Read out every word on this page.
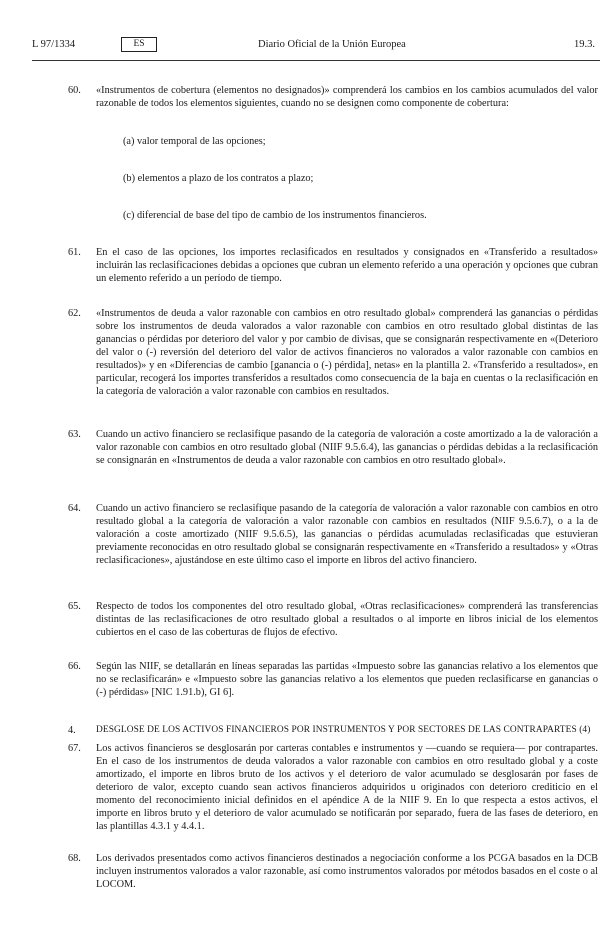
L 97/1334	ES	Diario Oficial de la Unión Europea	19.3.
60. «Instrumentos de cobertura (elementos no designados)» comprenderá los cambios en los cambios acumulados del valor razonable de todos los elementos siguientes, cuando no se designen como componente de cobertura:
(a) valor temporal de las opciones;
(b) elementos a plazo de los contratos a plazo;
(c) diferencial de base del tipo de cambio de los instrumentos financieros.
61. En el caso de las opciones, los importes reclasificados en resultados y consignados en «Transferido a resultados» incluirán las reclasificaciones debidas a opciones que cubran un elemento referido a una operación y opciones que cubran un elemento referido a un período de tiempo.
62. «Instrumentos de deuda a valor razonable con cambios en otro resultado global» comprenderá las ganancias o pérdidas sobre los instrumentos de deuda valorados a valor razonable con cambios en otro resultado global distintas de las ganancias o pérdidas por deterioro del valor y por cambio de divisas, que se consignarán respectivamente en «(Deterioro del valor o (-) reversión del deterioro del valor de activos financieros no valorados a valor razonable con cambios en resultados)» y en «Diferencias de cambio [ganancia o (-) pérdida], netas» en la plantilla 2. «Transferido a resultados», en particular, recogerá los importes transferidos a resultados como consecuencia de la baja en cuentas o la reclasificación en la categoría de valoración a valor razonable con cambios en resultados.
63. Cuando un activo financiero se reclasifique pasando de la categoría de valoración a coste amortizado a la de valoración a valor razonable con cambios en otro resultado global (NIIF 9.5.6.4), las ganancias o pérdidas debidas a la reclasificación se consignarán en «Instrumentos de deuda a valor razonable con cambios en otro resultado global».
64. Cuando un activo financiero se reclasifique pasando de la categoría de valoración a valor razonable con cambios en otro resultado global a la categoría de valoración a valor razonable con cambios en resultados (NIIF 9.5.6.7), o a la de valoración a coste amortizado (NIIF 9.5.6.5), las ganancias o pérdidas acumuladas reclasificadas que estuvieran previamente reconocidas en otro resultado global se consignarán respectivamente en «Transferido a resultados» y «Otras reclasificaciones», ajustándose en este último caso el importe en libros del activo financiero.
65. Respecto de todos los componentes del otro resultado global, «Otras reclasificaciones» comprenderá las transferencias distintas de las reclasificaciones de otro resultado global a resultados o al importe en libros inicial de los elementos cubiertos en el caso de las coberturas de flujos de efectivo.
66. Según las NIIF, se detallarán en líneas separadas las partidas «Impuesto sobre las ganancias relativo a los elementos que no se reclasificarán» e «Impuesto sobre las ganancias relativo a los elementos que pueden reclasificarse en ganancias o (-) pérdidas» [NIC 1.91.b), GI 6].
4. DESGLOSE DE LOS ACTIVOS FINANCIEROS POR INSTRUMENTOS Y POR SECTORES DE LAS CONTRAPARTES (4)
67. Los activos financieros se desglosarán por carteras contables e instrumentos y —cuando se requiera— por contrapartes. En el caso de los instrumentos de deuda valorados a valor razonable con cambios en otro resultado global y a coste amortizado, el importe en libros bruto de los activos y el deterioro de valor acumulado se desglosarán por fases de deterioro de valor, excepto cuando sean activos financieros adquiridos u originados con deterioro crediticio en el momento del reconocimiento inicial definidos en el apéndice A de la NIIF 9. En lo que respecta a estos activos, el importe en libros bruto y el deterioro de valor acumulado se notificarán por separado, fuera de las fases de deterioro, en las plantillas 4.3.1 y 4.4.1.
68. Los derivados presentados como activos financieros destinados a negociación conforme a los PCGA basados en la DCB incluyen instrumentos valorados a valor razonable, así como instrumentos valorados por métodos basados en el coste o al LOCOM.
